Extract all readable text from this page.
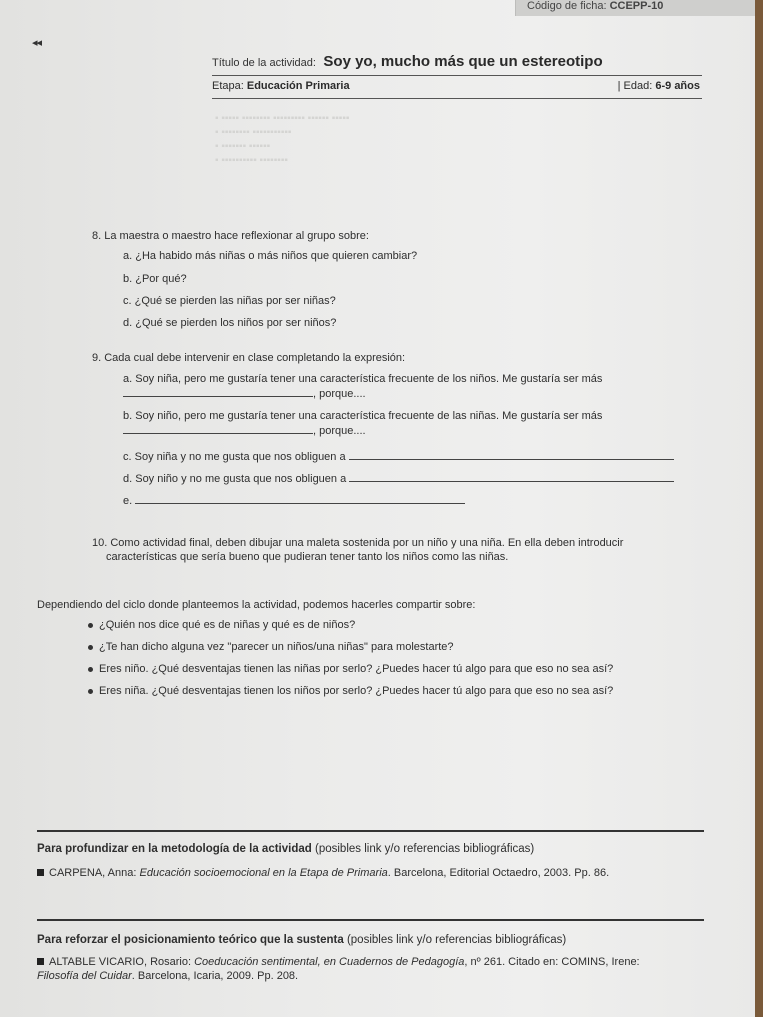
Código de ficha: CCEPP-10
◂◂
Título de la actividad: Soy yo, mucho más que un estereotipo
Etapa: Educación Primaria	| Edad: 6-9 años
▪ ▪▪▪▪▪ ▪▪▪▪▪▪▪▪ ▪▪▪▪▪▪▪▪▪ ▪▪▪▪▪▪ ▪▪▪▪▪
▪ ▪▪▪▪▪▪▪▪ ▪▪▪▪▪▪▪▪▪▪▪
▪ ▪▪▪▪▪▪▪ ▪▪▪▪▪▪
▪ ▪▪▪▪▪▪▪▪▪▪ ▪▪▪▪▪▪▪▪
8. La maestra o maestro hace reflexionar al grupo sobre:
a. ¿Ha habido más niñas o más niños que quieren cambiar?
b. ¿Por qué?
c. ¿Qué se pierden las niñas por ser niñas?
d. ¿Qué se pierden los niños por ser niños?
9. Cada cual debe intervenir en clase completando la expresión:
a. Soy niña, pero me gustaría tener una característica frecuente de los niños. Me gustaría ser más
, porque....
b. Soy niño, pero me gustaría tener una característica frecuente de las niñas. Me gustaría ser más
, porque....
c. Soy niña y no me gusta que nos obliguen a
d. Soy niño y no me gusta que nos obliguen a
e.
10. Como actividad final, deben dibujar una maleta sostenida por un niño y una niña. En ella deben introducir
características que sería bueno que pudieran tener tanto los niños como las niñas.
Dependiendo del ciclo donde planteemos la actividad, podemos hacerles compartir sobre:
¿Quién nos dice qué es de niñas y qué es de niños?
¿Te han dicho alguna vez "parecer un niños/una niñas" para molestarte?
Eres niño. ¿Qué desventajas tienen las niñas por serlo? ¿Puedes hacer tú algo para que eso no sea así?
Eres niña. ¿Qué desventajas tienen los niños por serlo? ¿Puedes hacer tú algo para que eso no sea así?
Para profundizar en la metodología de la actividad (posibles link y/o referencias bibliográficas)
CARPENA, Anna: Educación socioemocional en la Etapa de Primaria. Barcelona, Editorial Octaedro, 2003. Pp. 86.
Para reforzar el posicionamiento teórico que la sustenta (posibles link y/o referencias bibliográficas)
ALTABLE VICARIO, Rosario: Coeducación sentimental, en Cuadernos de Pedagogía, nº 261. Citado en: COMINS, Irene:
Filosofía del Cuidar. Barcelona, Icaria, 2009. Pp. 208.
